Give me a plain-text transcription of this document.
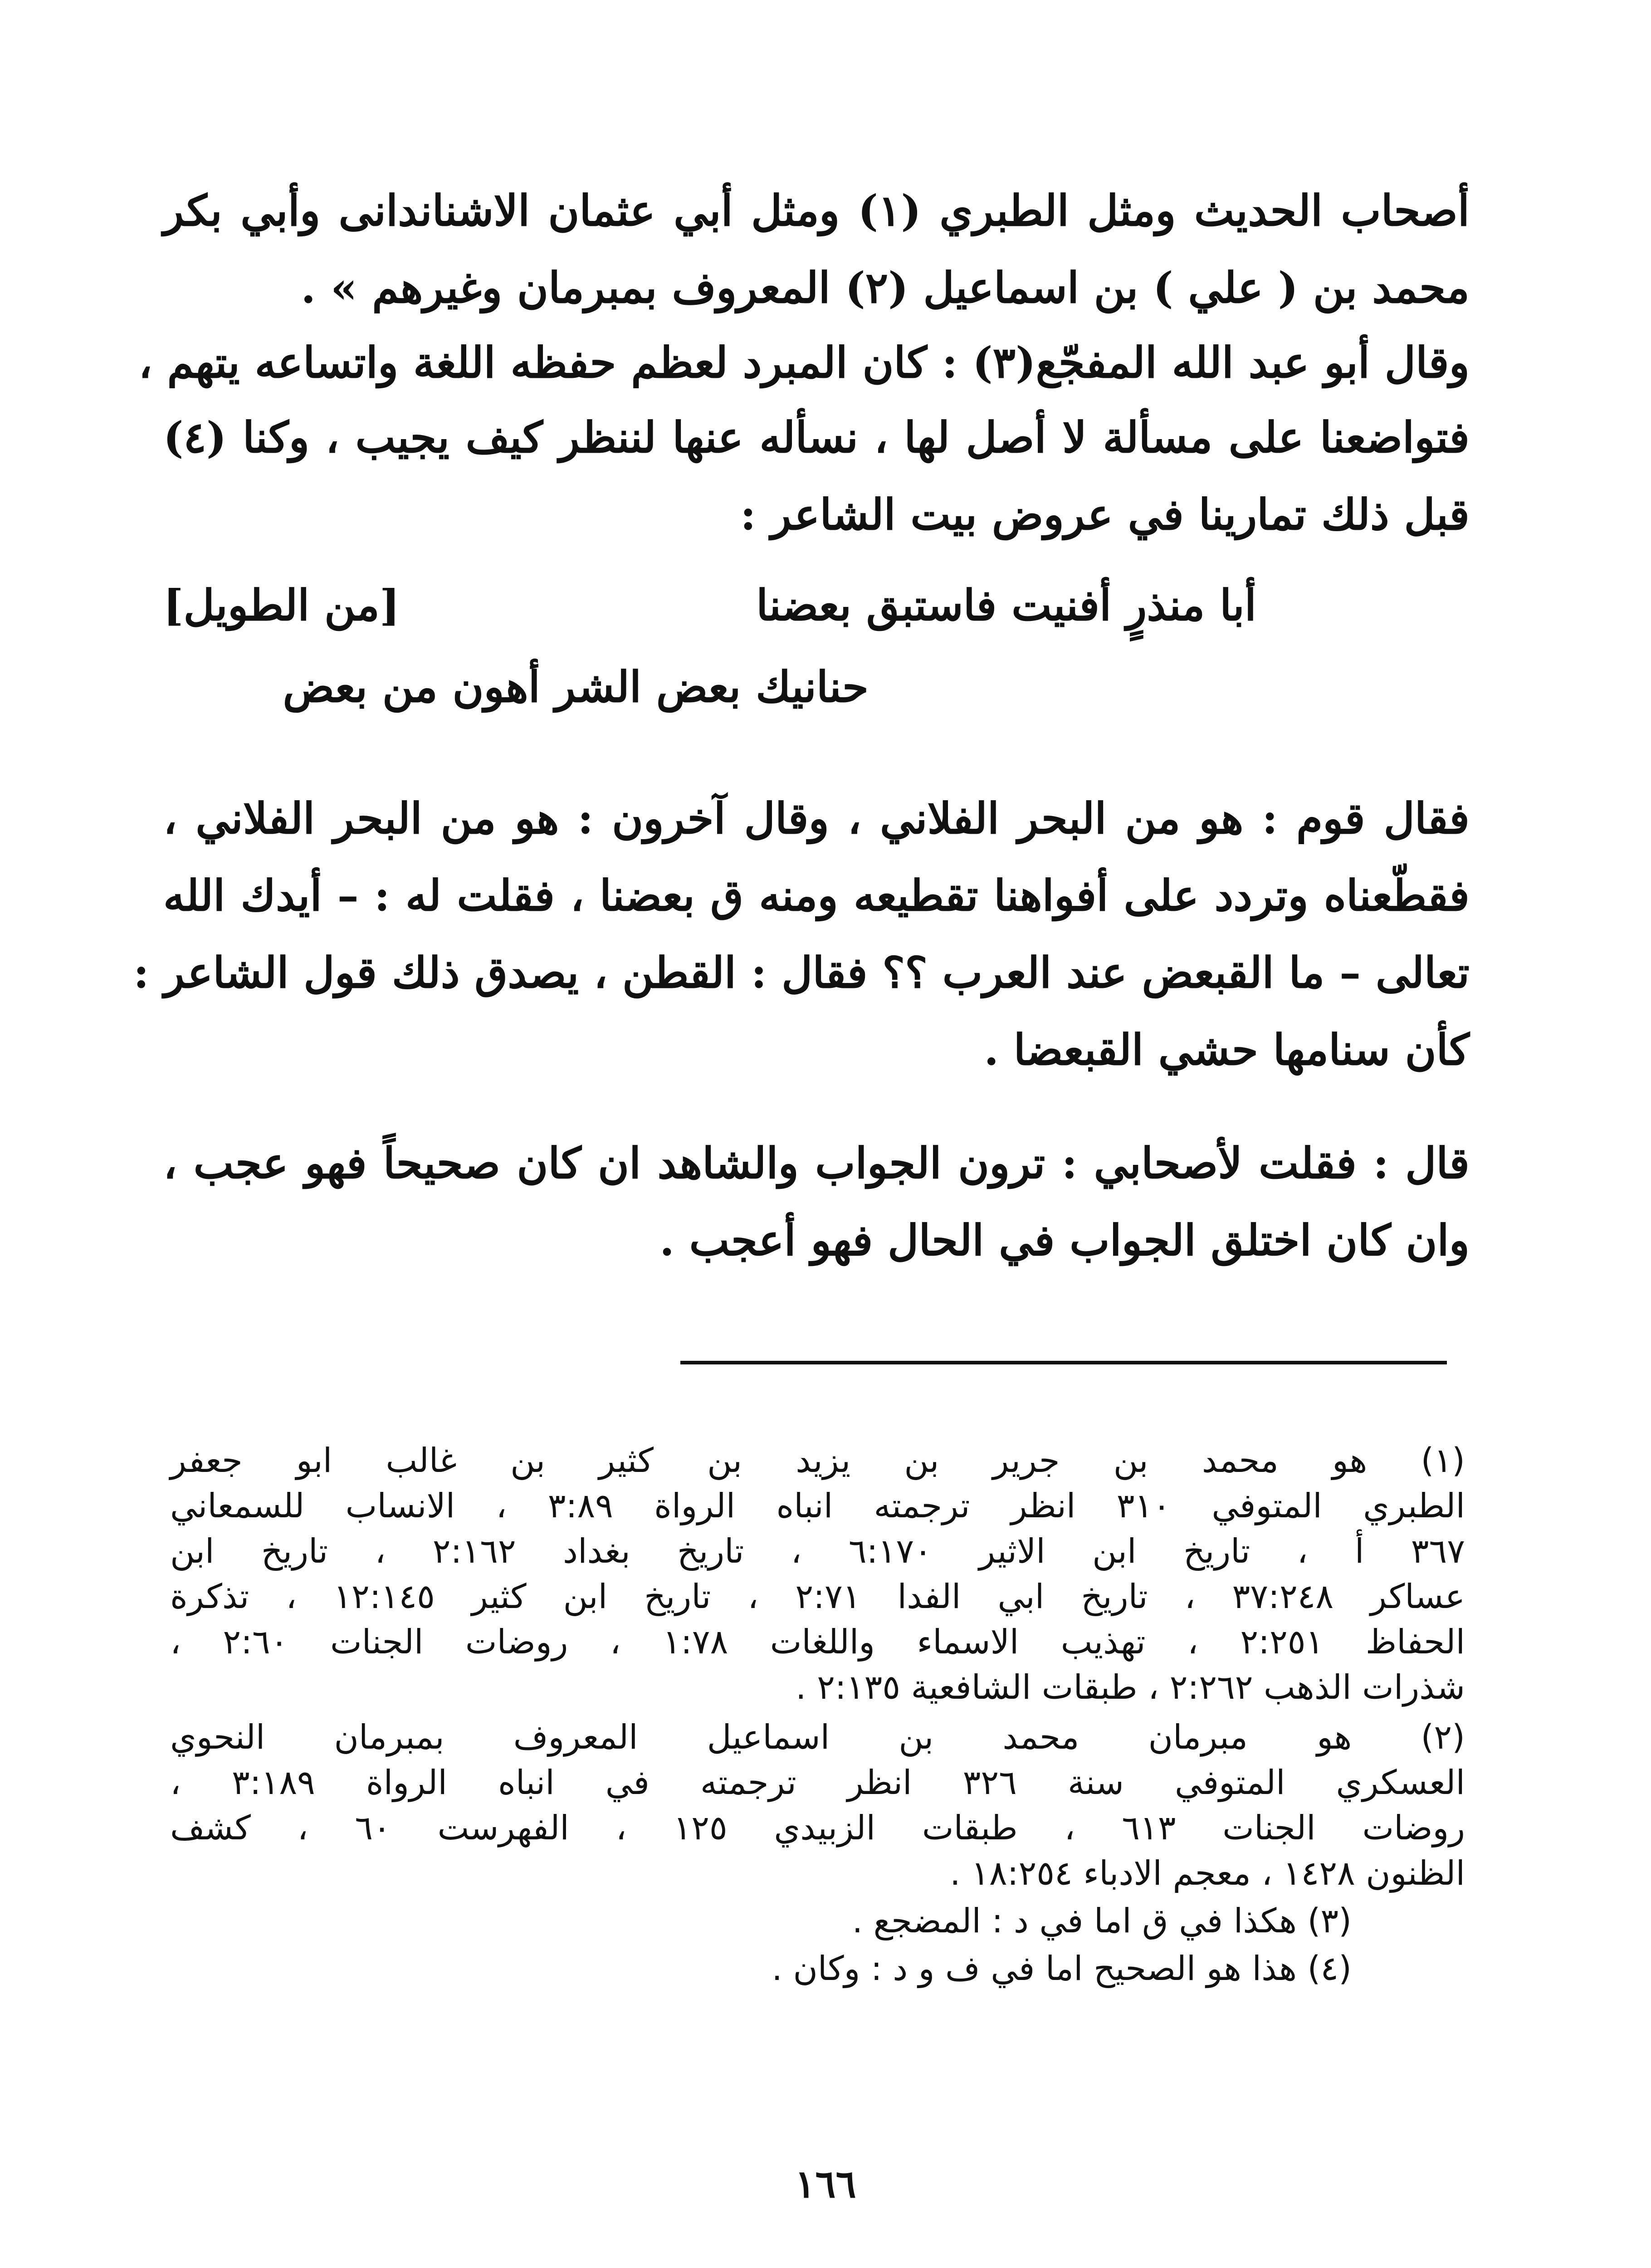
أصحاب الحديث ومثل الطبري (١) ومثل أبي عثمان الاشناندانى وأبي بكر
محمد بن ( علي ) بن اسماعيل (٢) المعروف بمبرمان وغيرهم » .
وقال أبو عبد الله المفجّع(٣) : كان المبرد لعظم حفظه اللغة واتساعه يتهم ،
فتواضعنا على مسألة لا أصل لها ، نسأله عنها لننظر كيف يجيب ، وكنا (٤)
قبل ذلك تمارينا في عروض بيت الشاعر :
أبا منذرٍ أفنيت فاستبق بعضنا
[من الطويل]
حنانيك بعض الشر أهون من بعض
فقال قوم : هو من البحر الفلاني ، وقال آخرون : هو من البحر الفلاني ،
فقطّعناه وتردد على أفواهنا تقطيعه ومنه ق بعضنا ، فقلت له : – أيدك الله
تعالى – ما القبعض عند العرب ؟؟ فقال : القطن ، يصدق ذلك قول الشاعر :
كأن سنامها حشي القبعضا .
قال : فقلت لأصحابي : ترون الجواب والشاهد ان كان صحيحاً فهو عجب ،
وان كان اختلق الجواب في الحال فهو أعجب .
(١) هو محمد بن جرير بن يزيد بن كثير بن غالب ابو جعفر
الطبري المتوفي ٣١٠ انظر ترجمته انباه الرواة ٣:٨٩ ، الانساب للسمعاني
٣٦٧ أ ، تاريخ ابن الاثير ٦:١٧٠ ، تاريخ بغداد ٢:١٦٢ ، تاريخ ابن
عساكر ٣٧:٢٤٨ ، تاريخ ابي الفدا ٢:٧١ ، تاريخ ابن كثير ١٢:١٤٥ ، تذكرة
الحفاظ ٢:٢٥١ ، تهذيب الاسماء واللغات ١:٧٨ ، روضات الجنات ٢:٦٠ ،
شذرات الذهب ٢:٢٦٢ ، طبقات الشافعية ٢:١٣٥ .
(٢) هو مبرمان محمد بن اسماعيل المعروف بمبرمان النحوي
العسكري المتوفي سنة ٣٢٦ انظر ترجمته في انباه الرواة ٣:١٨٩ ،
روضات الجنات ٦١٣ ، طبقات الزبيدي ١٢٥ ، الفهرست ٦٠ ، كشف
الظنون ١٤٢٨ ، معجم الادباء ١٨:٢٥٤ .
(٣) هكذا في ق اما في د : المضجع .
(٤) هذا هو الصحيح اما في ف و د : وكان .
١٦٦
